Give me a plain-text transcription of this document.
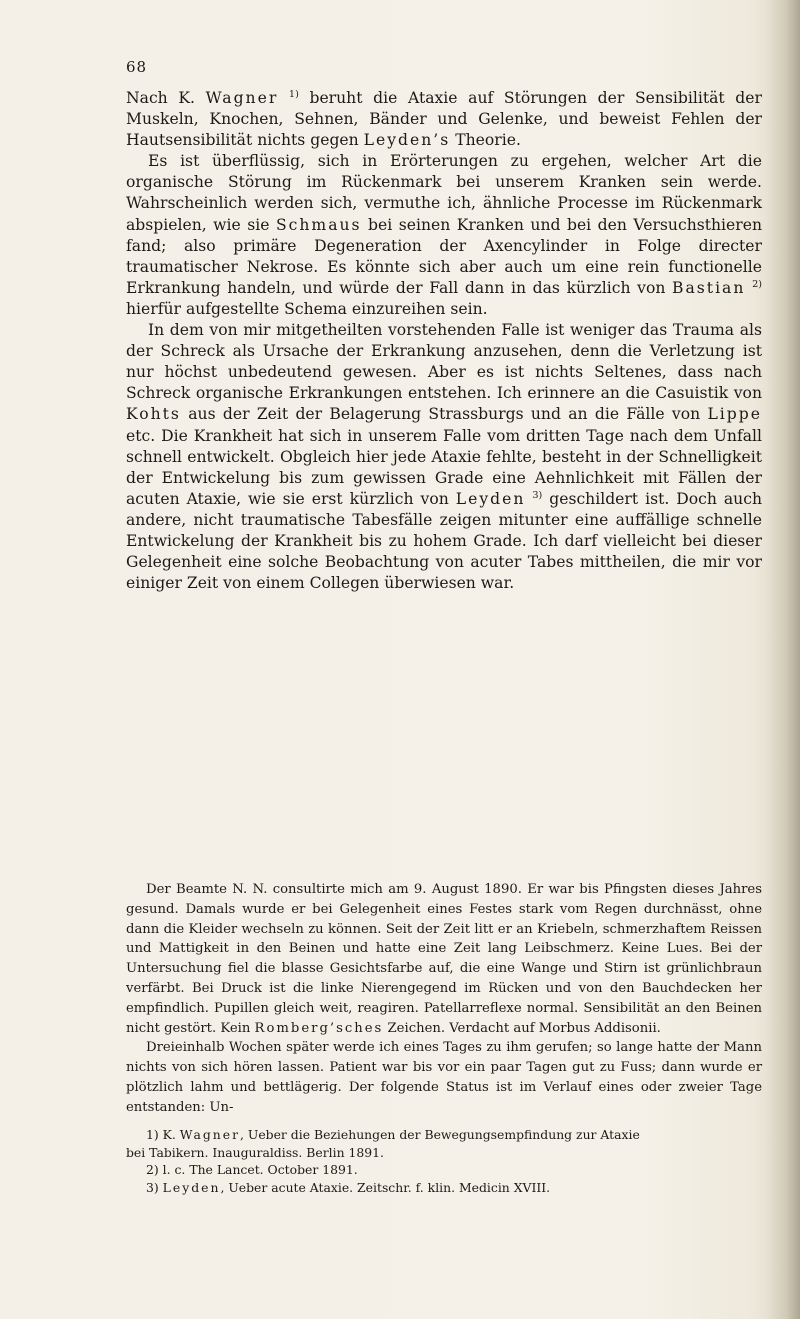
68

Nach K. Wagner $^{1)}$ beruht die Ataxie auf Störungen der Sensibilität der Muskeln, Knochen, Sehnen, Bänder und Gelenke, und beweist Fehlen der Hautsensibilität nichts gegen Leyden’s Theorie.

Es ist überflüssig, sich in Erörterungen zu ergehen, welcher Art die organische Störung im Rückenmark bei unserem Kranken sein werde. Wahrscheinlich werden sich, vermuthe ich, ähnliche Processe im Rückenmark abspielen, wie sie Schmaus bei seinen Kranken und bei den Versuchsthieren fand; also primäre Degeneration der Axencylinder in Folge directer traumatischer Nekrose. Es könnte sich aber auch um eine rein functionelle Erkrankung handeln, und würde der Fall dann in das kürzlich von Bastian $^{2)}$ hierfür aufgestellte Schema einzureihen sein.

In dem von mir mitgetheilten vorstehenden Falle ist weniger das Trauma als der Schreck als Ursache der Erkrankung anzusehen, denn die Verletzung ist nur höchst unbedeutend gewesen. Aber es ist nichts Seltenes, dass nach Schreck organische Erkrankungen entstehen. Ich erinnere an die Casuistik von Kohts aus der Zeit der Belagerung Strassburgs und an die Fälle von Lippe etc. Die Krankheit hat sich in unserem Falle vom dritten Tage nach dem Unfall schnell entwickelt. Obgleich hier jede Ataxie fehlte, besteht in der Schnelligkeit der Entwickelung bis zum gewissen Grade eine Aehnlichkeit mit Fällen der acuten Ataxie, wie sie erst kürzlich von Leyden $^{3)}$ geschildert ist. Doch auch andere, nicht traumatische Tabesfälle zeigen mitunter eine auffällige schnelle Entwickelung der Krankheit bis zu hohem Grade. Ich darf vielleicht bei dieser Gelegenheit eine solche Beobachtung von acuter Tabes mittheilen, die mir vor einiger Zeit von einem Collegen überwiesen war.

Der Beamte N. N. consultirte mich am 9. August 1890. Er war bis Pfingsten dieses Jahres gesund. Damals wurde er bei Gelegenheit eines Festes stark vom Regen durchnässt, ohne dann die Kleider wechseln zu können. Seit der Zeit litt er an Kriebeln, schmerzhaftem Reissen und Mattigkeit in den Beinen und hatte eine Zeit lang Leibschmerz. Keine Lues. Bei der Untersuchung fiel die blasse Gesichtsfarbe auf, die eine Wange und Stirn ist grünlichbraun verfärbt. Bei Druck ist die linke Nierengegend im Rücken und von den Bauchdecken her empfindlich. Pupillen gleich weit, reagiren. Patellarreflexe normal. Sensibilität an den Beinen nicht gestört. Kein Romberg’sches Zeichen. Verdacht auf Morbus Addisonii.

Dreieinhalb Wochen später werde ich eines Tages zu ihm gerufen; so lange hatte der Mann nichts von sich hören lassen. Patient war bis vor ein paar Tagen gut zu Fuss; dann wurde er plötzlich lahm und bettlägerig. Der folgende Status ist im Verlauf eines oder zweier Tage entstanden: Un-

1) K. Wagner, Ueber die Beziehungen der Bewegungsempfindung zur Ataxie

bei Tabikern. Inauguraldiss. Berlin 1891.

2) l. c. The Lancet. October 1891.

3) Leyden, Ueber acute Ataxie. Zeitschr. f. klin. Medicin XVIII.
